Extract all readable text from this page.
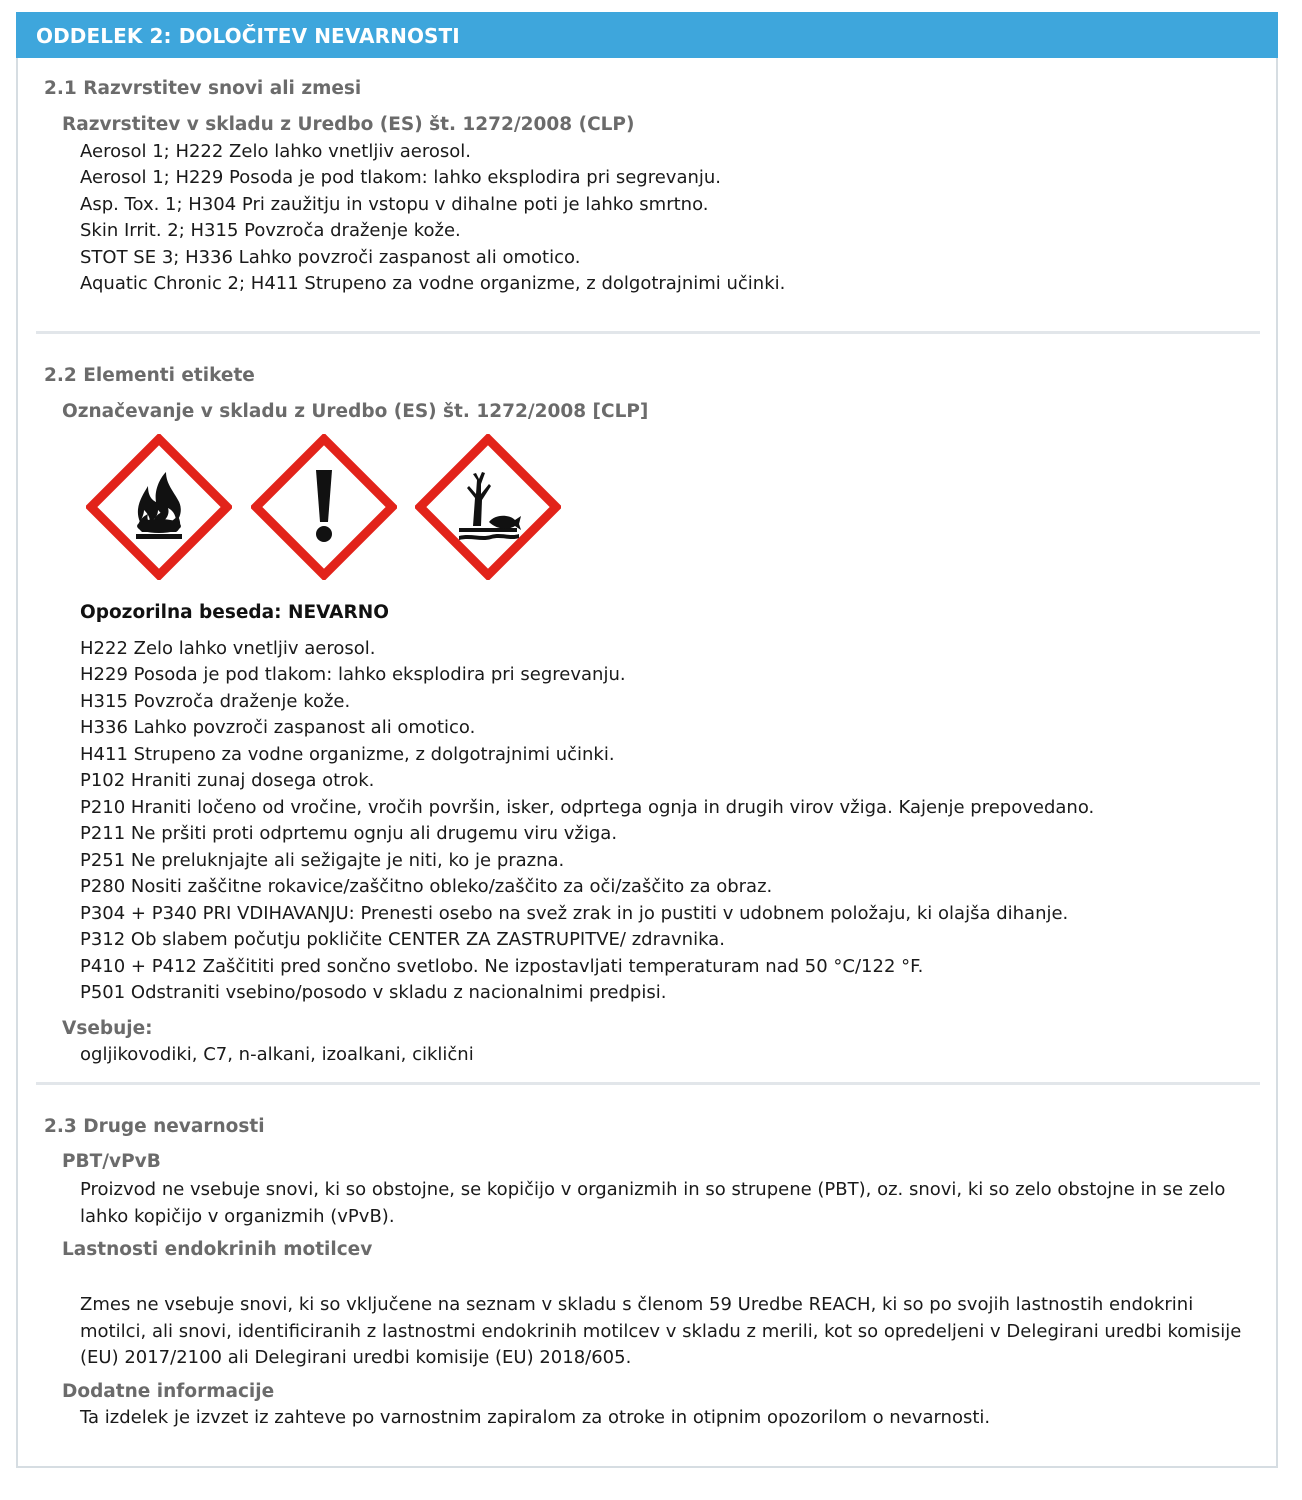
ODDELEK 2: DOLOČITEV NEVARNOSTI
2.1 Razvrstitev snovi ali zmesi
Razvrstitev v skladu z Uredbo (ES) št. 1272/2008 (CLP)
Aerosol 1; H222 Zelo lahko vnetljiv aerosol.
Aerosol 1; H229 Posoda je pod tlakom: lahko eksplodira pri segrevanju.
Asp. Tox. 1; H304 Pri zaužitju in vstopu v dihalne poti je lahko smrtno.
Skin Irrit. 2; H315 Povzroča draženje kože.
STOT SE 3; H336 Lahko povzroči zaspanost ali omotico.
Aquatic Chronic 2; H411 Strupeno za vodne organizme, z dolgotrajnimi učinki.
2.2 Elementi etikete
Označevanje v skladu z Uredbo (ES) št. 1272/2008 [CLP]
Opozorilna beseda: NEVARNO
H222 Zelo lahko vnetljiv aerosol.
H229 Posoda je pod tlakom: lahko eksplodira pri segrevanju.
H315 Povzroča draženje kože.
H336 Lahko povzroči zaspanost ali omotico.
H411 Strupeno za vodne organizme, z dolgotrajnimi učinki.
P102 Hraniti zunaj dosega otrok.
P210 Hraniti ločeno od vročine, vročih površin, isker, odprtega ognja in drugih virov vžiga. Kajenje prepovedano.
P211 Ne pršiti proti odprtemu ognju ali drugemu viru vžiga.
P251 Ne preluknjajte ali sežigajte je niti, ko je prazna.
P280 Nositi zaščitne rokavice/zaščitno obleko/zaščito za oči/zaščito za obraz.
P304 + P340 PRI VDIHAVANJU: Prenesti osebo na svež zrak in jo pustiti v udobnem položaju, ki olajša dihanje.
P312 Ob slabem počutju pokličite CENTER ZA ZASTRUPITVE/ zdravnika.
P410 + P412 Zaščititi pred sončno svetlobo. Ne izpostavljati temperaturam nad 50 °C/122 °F.
P501 Odstraniti vsebino/posodo v skladu z nacionalnimi predpisi.
Vsebuje:
ogljikovodiki, C7, n-alkani, izoalkani, ciklični
2.3 Druge nevarnosti
PBT/vPvB
Proizvod ne vsebuje snovi, ki so obstojne, se kopičijo v organizmih in so strupene (PBT), oz. snovi, ki so zelo obstojne in se zelo lahko kopičijo v organizmih (vPvB).
Lastnosti endokrinih motilcev
Zmes ne vsebuje snovi, ki so vključene na seznam v skladu s členom 59 Uredbe REACH, ki so po svojih lastnostih endokrini motilci, ali snovi, identificiranih z lastnostmi endokrinih motilcev v skladu z merili, kot so opredeljeni v Delegirani uredbi komisije (EU) 2017/2100 ali Delegirani uredbi komisije (EU) 2018/605.
Dodatne informacije
Ta izdelek je izvzet iz zahteve po varnostnim zapiralom za otroke in otipnim opozorilom o nevarnosti.
